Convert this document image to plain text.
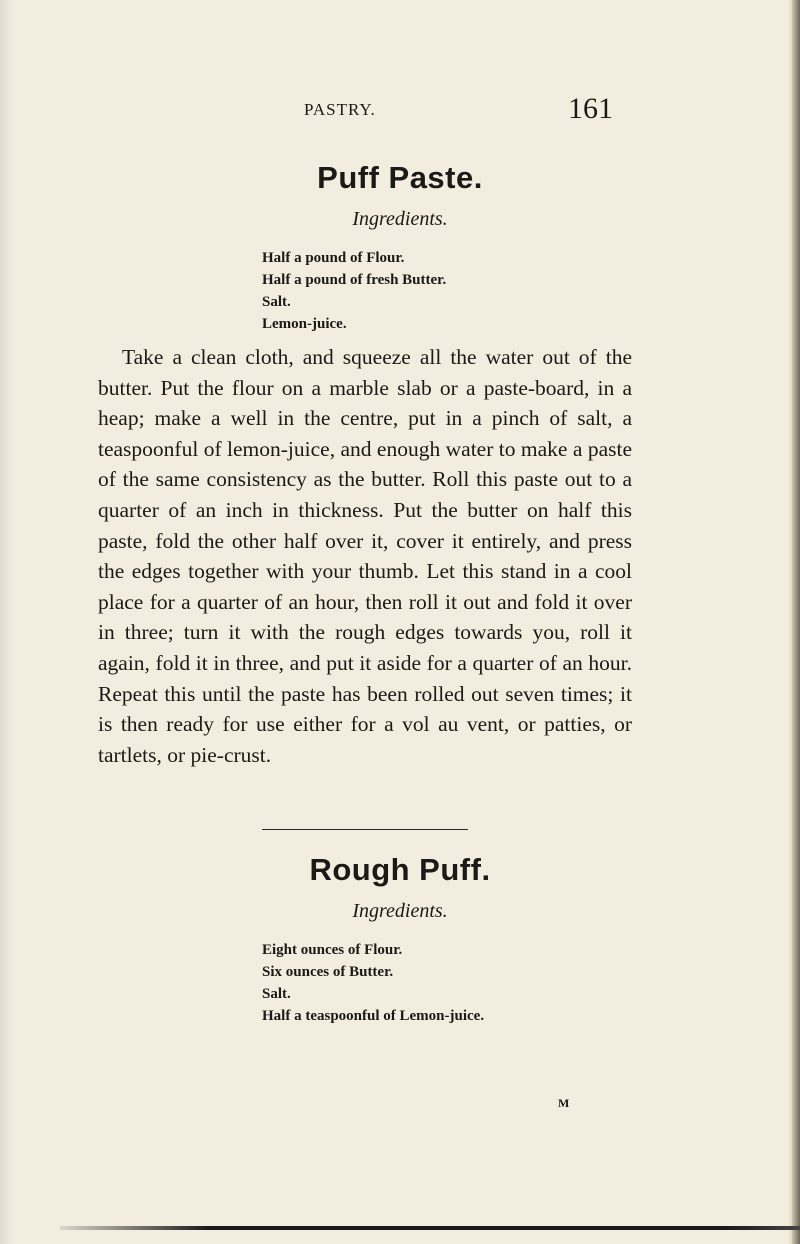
PASTRY.	161
Puff Paste.
Ingredients.
Half a pound of Flour.
Half a pound of fresh Butter.
Salt.
Lemon-juice.

Take a clean cloth, and squeeze all the water out of the butter. Put the flour on a marble slab or a paste-board, in a heap; make a well in the centre, put in a pinch of salt, a teaspoonful of lemon-juice, and enough water to make a paste of the same consistency as the butter. Roll this paste out to a quarter of an inch in thickness. Put the butter on half this paste, fold the other half over it, cover it entirely, and press the edges together with your thumb. Let this stand in a cool place for a quarter of an hour, then roll it out and fold it over in three; turn it with the rough edges towards you, roll it again, fold it in three, and put it aside for a quarter of an hour. Repeat this until the paste has been rolled out seven times; it is then ready for use either for a vol au vent, or patties, or tartlets, or pie-crust.

Rough Puff.
Ingredients.
Eight ounces of Flour.
Six ounces of Butter.
Salt.
Half a teaspoonful of Lemon-juice.
M
